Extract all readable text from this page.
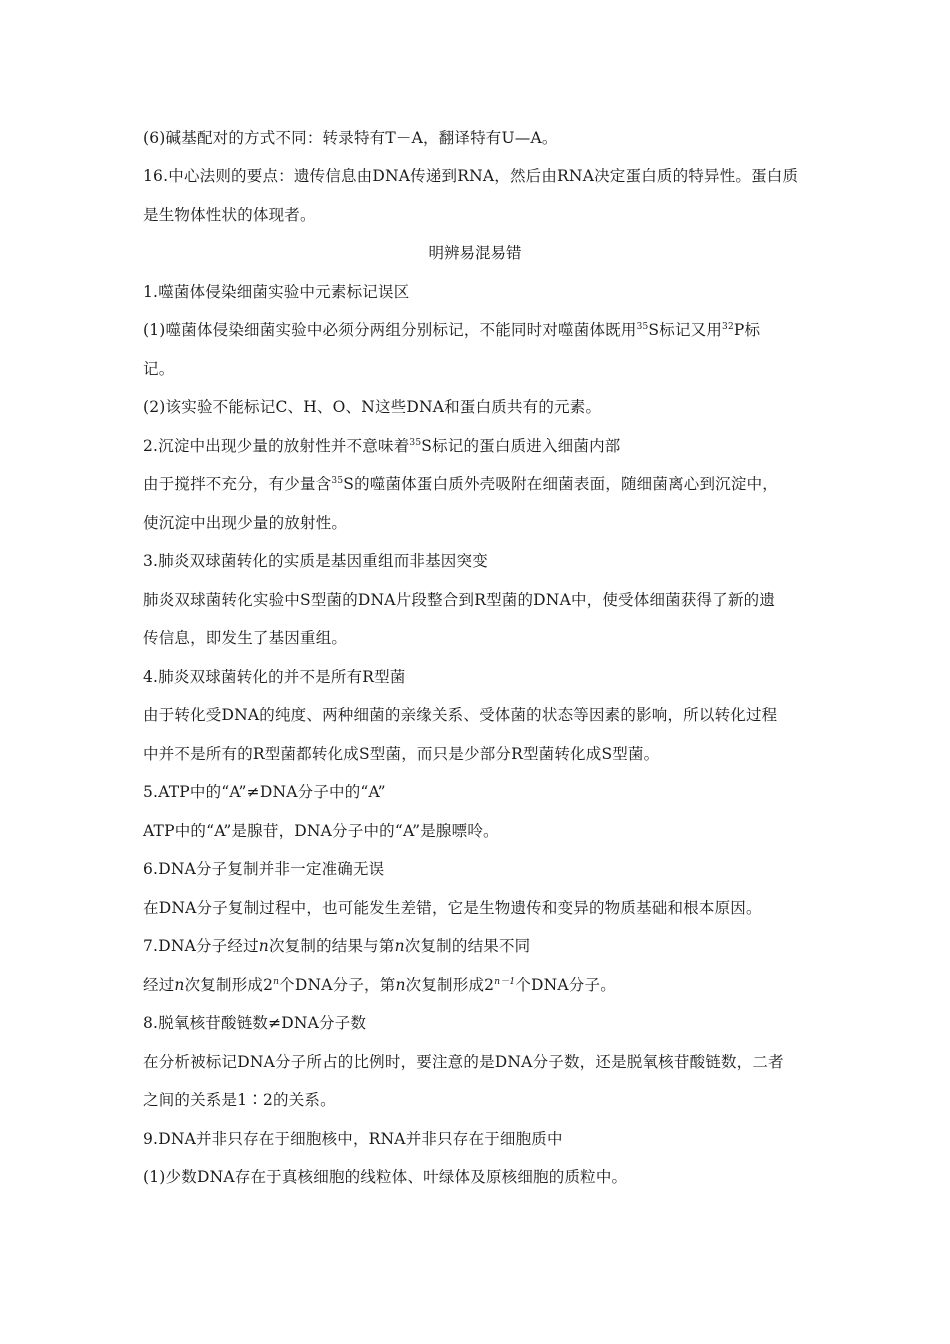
(6)碱基配对的方式不同：转录特有T－A，翻译特有U—A。
16.中心法则的要点：遗传信息由DNA传递到RNA，然后由RNA决定蛋白质的特异性。蛋白质
是生物体性状的体现者。
明辨易混易错
1.噬菌体侵染细菌实验中元素标记误区
(1)噬菌体侵染细菌实验中必须分两组分别标记，不能同时对噬菌体既用$^{35}$S标记又用$^{32}$P标
记。
(2)该实验不能标记C、H、O、N这些DNA和蛋白质共有的元素。
2.沉淀中出现少量的放射性并不意味着$^{35}$S标记的蛋白质进入细菌内部
由于搅拌不充分，有少量含$^{35}$S的噬菌体蛋白质外壳吸附在细菌表面，随细菌离心到沉淀中，
使沉淀中出现少量的放射性。
3.肺炎双球菌转化的实质是基因重组而非基因突变
肺炎双球菌转化实验中S型菌的DNA片段整合到R型菌的DNA中，使受体细菌获得了新的遗
传信息，即发生了基因重组。
4.肺炎双球菌转化的并不是所有R型菌
由于转化受DNA的纯度、两种细菌的亲缘关系、受体菌的状态等因素的影响，所以转化过程
中并不是所有的R型菌都转化成S型菌，而只是少部分R型菌转化成S型菌。
5.ATP中的“A”≠DNA分子中的“A”
ATP中的“A”是腺苷，DNA分子中的“A”是腺嘌呤。
6.DNA分子复制并非一定准确无误
在DNA分子复制过程中，也可能发生差错，它是生物遗传和变异的物质基础和根本原因。
7.DNA分子经过n次复制的结果与第n次复制的结果不同
经过n次复制形成2$^n$个DNA分子，第n次复制形成$2^{n-1}$个DNA分子。
8.脱氧核苷酸链数≠DNA分子数
在分析被标记DNA分子所占的比例时，要注意的是DNA分子数，还是脱氧核苷酸链数，二者
之间的关系是1∶2的关系。
9.DNA并非只存在于细胞核中，RNA并非只存在于细胞质中
(1)少数DNA存在于真核细胞的线粒体、叶绿体及原核细胞的质粒中。
